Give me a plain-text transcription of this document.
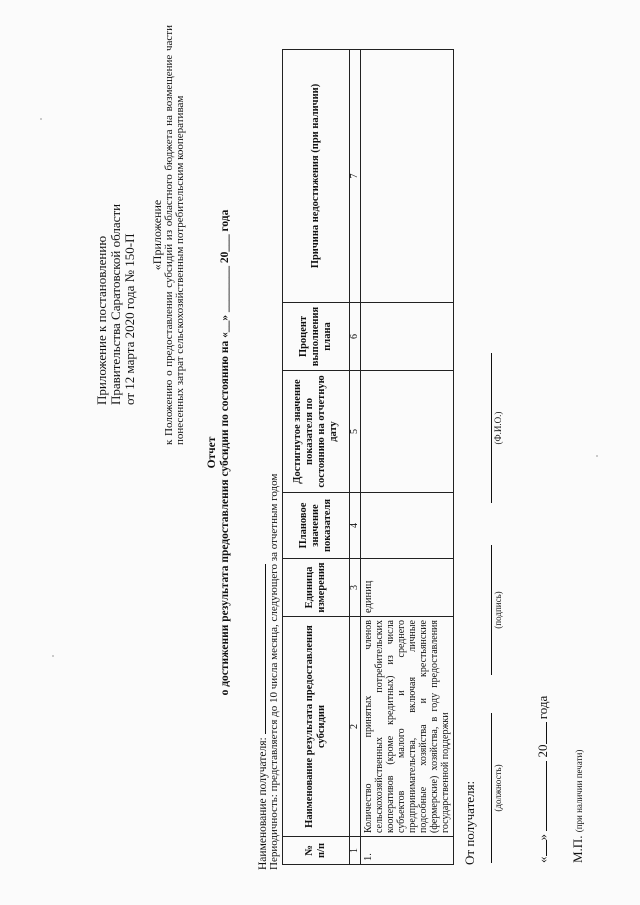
Приложение к постановлению Правительства Саратовской области от 12 марта 2020 года № 150-П «Приложение к Положению о предоставлении субсидий из областного бюджета на возмещение части понесенных затрат сельскохозяйственным потребительским кооперативам
Отчет о достижении результата предоставления субсидии по состоянию на «__» ________ 20___ года
Наименование получателя: Периодичность: представляется до 10 числа месяца, следующего за отчетным годом № п/п	Наименование результата предоставления субсидии	Единица измерения	Плановое значение показателя	Достигнутое значение показателя по состоянию на отчетную дату	Процент выполнения плана	Причина недостижения (при наличии)
1	2	3	4	5	6	7
1.	Количество принятых членов сельскохозяйственных потребительских кооперативов (кроме кредитных) из числа субъектов малого и среднего предпринимательства, включая личные подсобные хозяйства и крестьянские (фермерские) хозяйства, в году предоставления государственной поддержки	единиц				
От получателя: (должность)
(подпись)
(Ф.И.О.)
«»  20 года
М.П. (при наличии печати)
